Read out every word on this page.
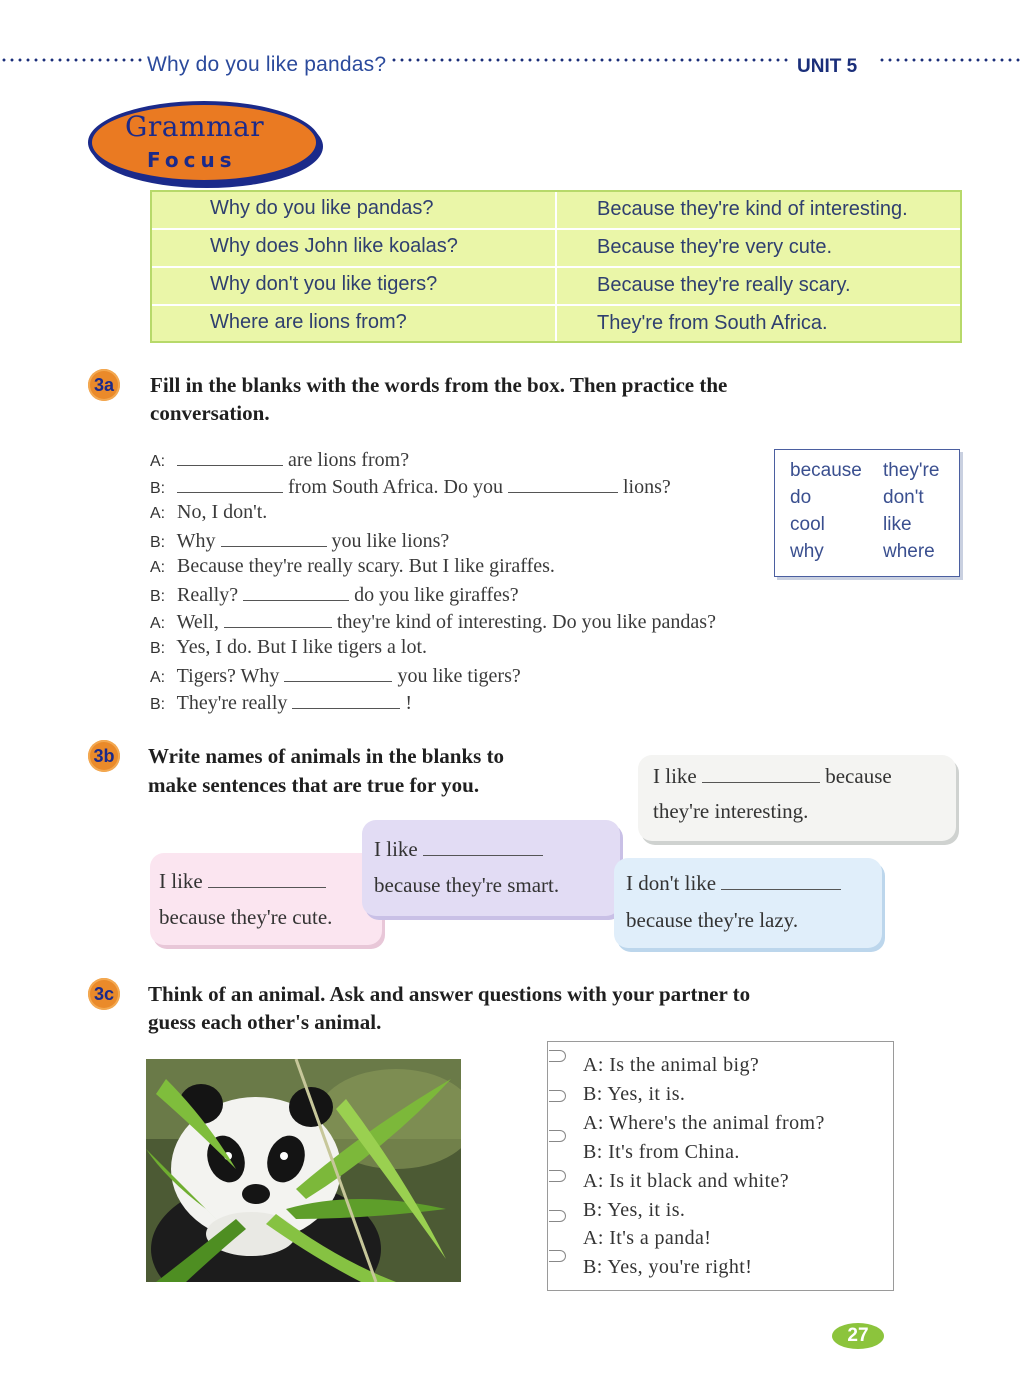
Why do you like pandas?	UNIT 5
Grammar
Focus
Why do you like pandas?	Because they're kind of interesting.
Why does John like koalas?	Because they're very cute.
Why don't you like tigers?	Because they're really scary.
Where are lions from?	They're from South Africa.
3a Fill in the blanks with the words from the box. Then practice the
conversation.
A:	are lions from?
B:	from South Africa. Do you	lions?
A: No, I don't.
B: Why	you like lions?
A: Because they're really scary. But I like giraffes.
B: Really?	do you like giraffes?
A: Well,	they're kind of interesting. Do you like pandas?
B: Yes, I do. But I like tigers a lot.
A: Tigers? Why	you like tigers?
B: They're really	!
because they're
do	don't
cool	like
why	where
3b Write names of animals in the blanks to
make sentences that are true for you.	I like	because
they're interesting.
I like
because they're cute.
I like
because they're smart.	I don't like
because they're lazy.
3c Think of an animal. Ask and answer questions with your partner to
guess each other's animal.
A: Is the animal big?
B: Yes, it is.
A: Where's the animal from?
B: It's from China.
A: Is it black and white?
B: Yes, it is.
A: It's a panda!
B: Yes, you're right!
27
